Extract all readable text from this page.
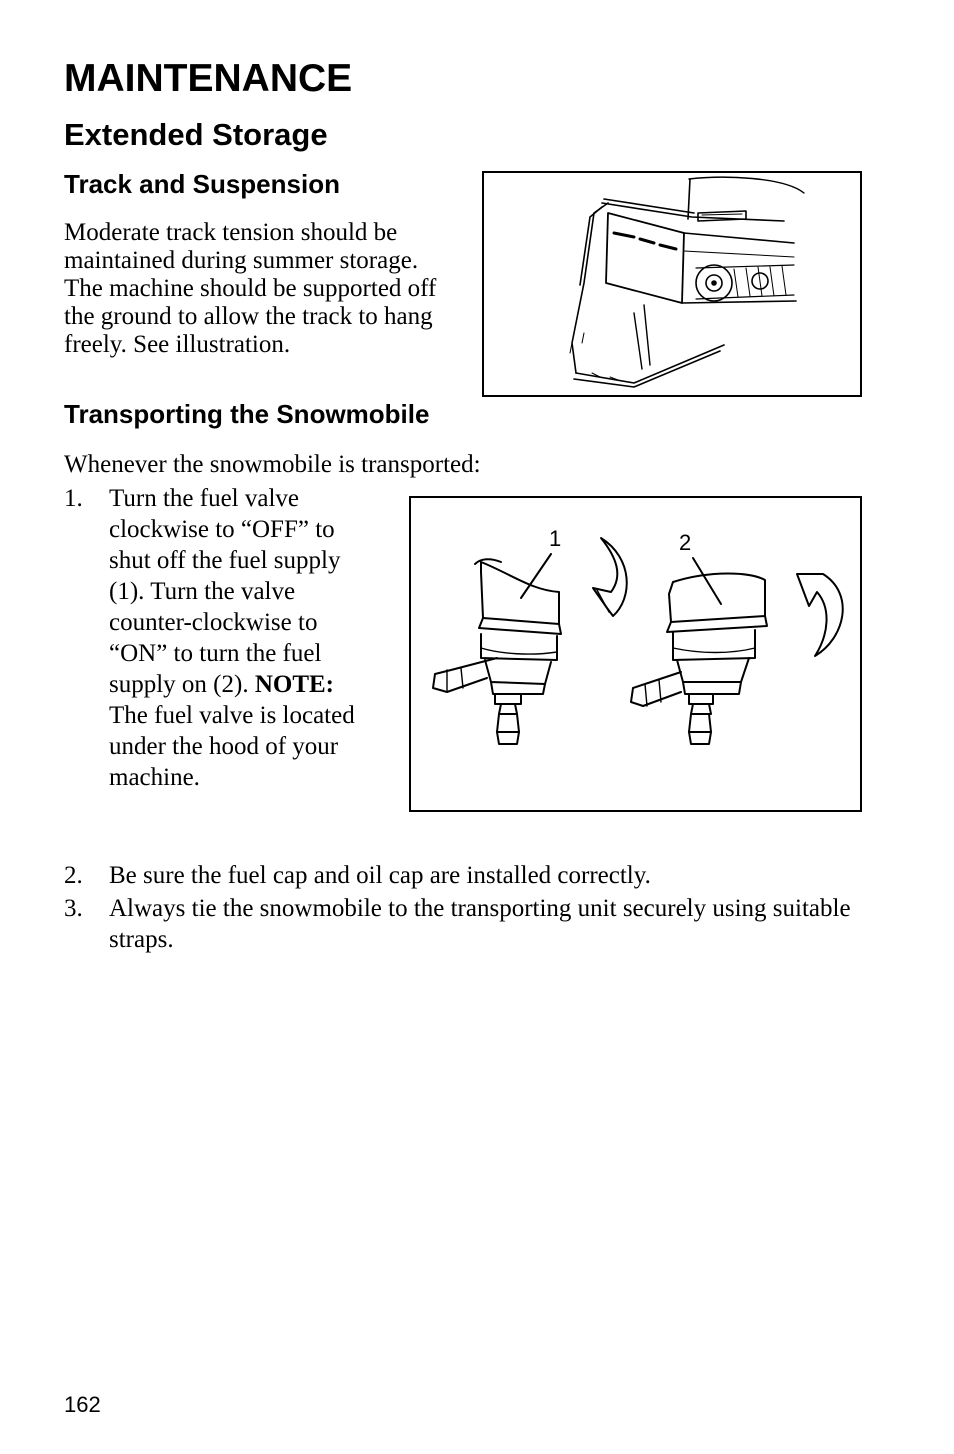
MAINTENANCE
Extended Storage
Track and Suspension

Moderate track tension should be maintained during summer storage. The machine should be supported off the ground to allow the track to hang freely. See illustration.

Transporting the Snowmobile

Whenever the snowmobile is transported:

1	2
1. Turn the fuel valve clockwise to “OFF” to shut off the fuel supply (1). Turn the valve counter-clockwise to “ON” to turn the fuel supply on (2). NOTE: The fuel valve is located under the hood of your machine.
2. Be sure the fuel cap and oil cap are installed correctly.
3. Always tie the snowmobile to the transporting unit securely using suitable straps.
162
